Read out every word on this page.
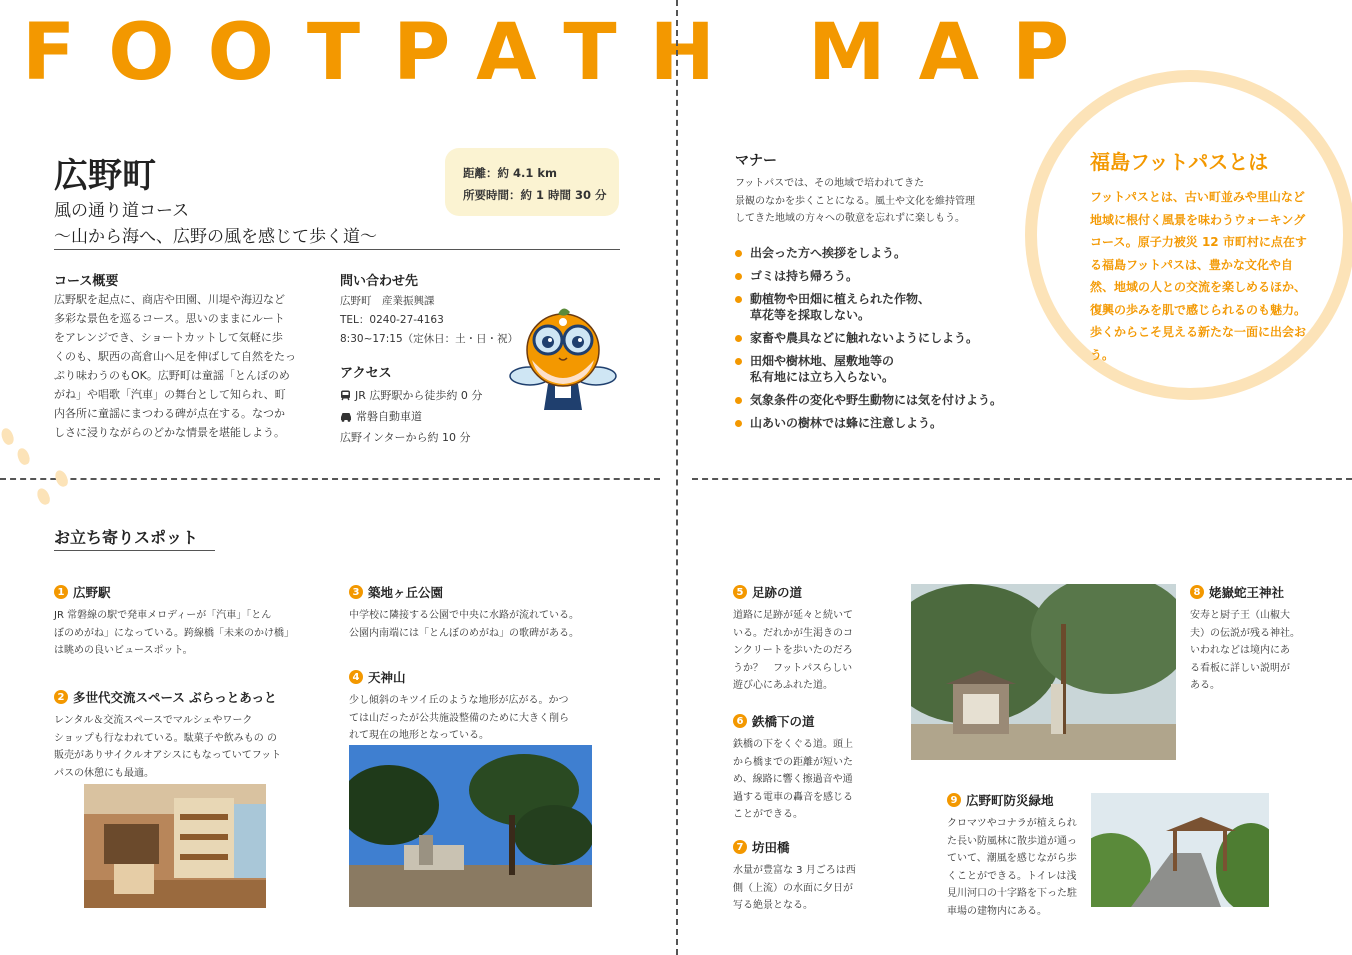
FOOTPATH MAP
広野町
風の通り道コース
〜山から海へ、広野の風を感じて歩く道〜
距離：約 4.1 km
所要時間：約 1 時間 30 分
コース概要
広野駅を起点に、商店や田園、川堤や海辺など
多彩な景色を巡るコース。思いのままにルート
をアレンジでき、ショートカットして気軽に歩
くのも、駅西の高倉山へ足を伸ばして自然をたっ
ぷり味わうのもOK。広野町は童謡「とんぼのめ
がね」や唱歌「汽車」の舞台として知られ、町
内各所に童謡にまつわる碑が点在する。なつか
しさに浸りながらのどかな情景を堪能しよう。
問い合わせ先
広野町　産業振興課
TEL：0240-27-4163
8:30~17:15（定休日：土・日・祝）
アクセス
JR 広野駅から徒歩約 0 分
常磐自動車道
広野インターから約 10 分
マナー
フットパスでは、その地域で培われてきた
景観のなかを歩くことになる。風土や文化を維持管理
してきた地域の方々への敬意を忘れずに楽しもう。
出会った方へ挨拶をしよう。
ゴミは持ち帰ろう。
動植物や田畑に植えられた作物、
草花等を採取しない。
家畜や農具などに触れないようにしよう。
田畑や樹林地、屋敷地等の
私有地には立ち入らない。
気象条件の変化や野生動物には気を付けよう。
山あいの樹林では蜂に注意しよう。
福島フットパスとは
フットパスとは、古い町並みや里山など地域に根付く風景を味わうウォーキングコース。原子力被災 12 市町村に点在する福島フットパスは、豊かな文化や自然、地域の人との交流を楽しめるほか、復興の歩みを肌で感じられるのも魅力。歩くからこそ見える新たな一面に出会おう。
お立ち寄りスポット
1 広野駅
JR 常磐線の駅で発車メロディーが「汽車」「とん
ぼのめがね」になっている。跨線橋「未来のかけ橋」
は眺めの良いビュースポット。
2 多世代交流スペース ぶらっとあっと
レンタル＆交流スペースでマルシェやワーク
ショップも行なわれている。駄菓子や飲みもの の
販売がありサイクルオアシスにもなっていてフット
パスの休憩にも最適。
3 築地ヶ丘公園
中学校に隣接する公園で中央に水路が流れている。
公園内南端には「とんぼのめがね」の歌碑がある。
4 天神山
少し傾斜のキツイ丘のような地形が広がる。かつ
ては山だったが公共施設整備のために大きく削ら
れて現在の地形となっている。
5 足跡の道
道路に足跡が延々と続いて
いる。だれかが生渇きのコ
ンクリートを歩いたのだろ
うか？　フットパスらしい
遊び心にあふれた道。
6 鉄橋下の道
鉄橋の下をくぐる道。頭上
から橋までの距離が短いた
め、線路に響く擦過音や通
過する電車の轟音を感じる
ことができる。
7 坊田橋
水量が豊富な 3 月ごろは西
側（上流）の水面に夕日が
写る絶景となる。
8 姥嶽蛇王神社
安寿と厨子王（山椒大
夫）の伝説が残る神社。
いわれなどは境内にあ
る看板に詳しい説明が
ある。
9 広野町防災緑地
クロマツやコナラが植えられ
た長い防風林に散歩道が通っ
ていて、潮風を感じながら歩
くことができる。トイレは浅
見川河口の十字路を下った駐
車場の建物内にある。
